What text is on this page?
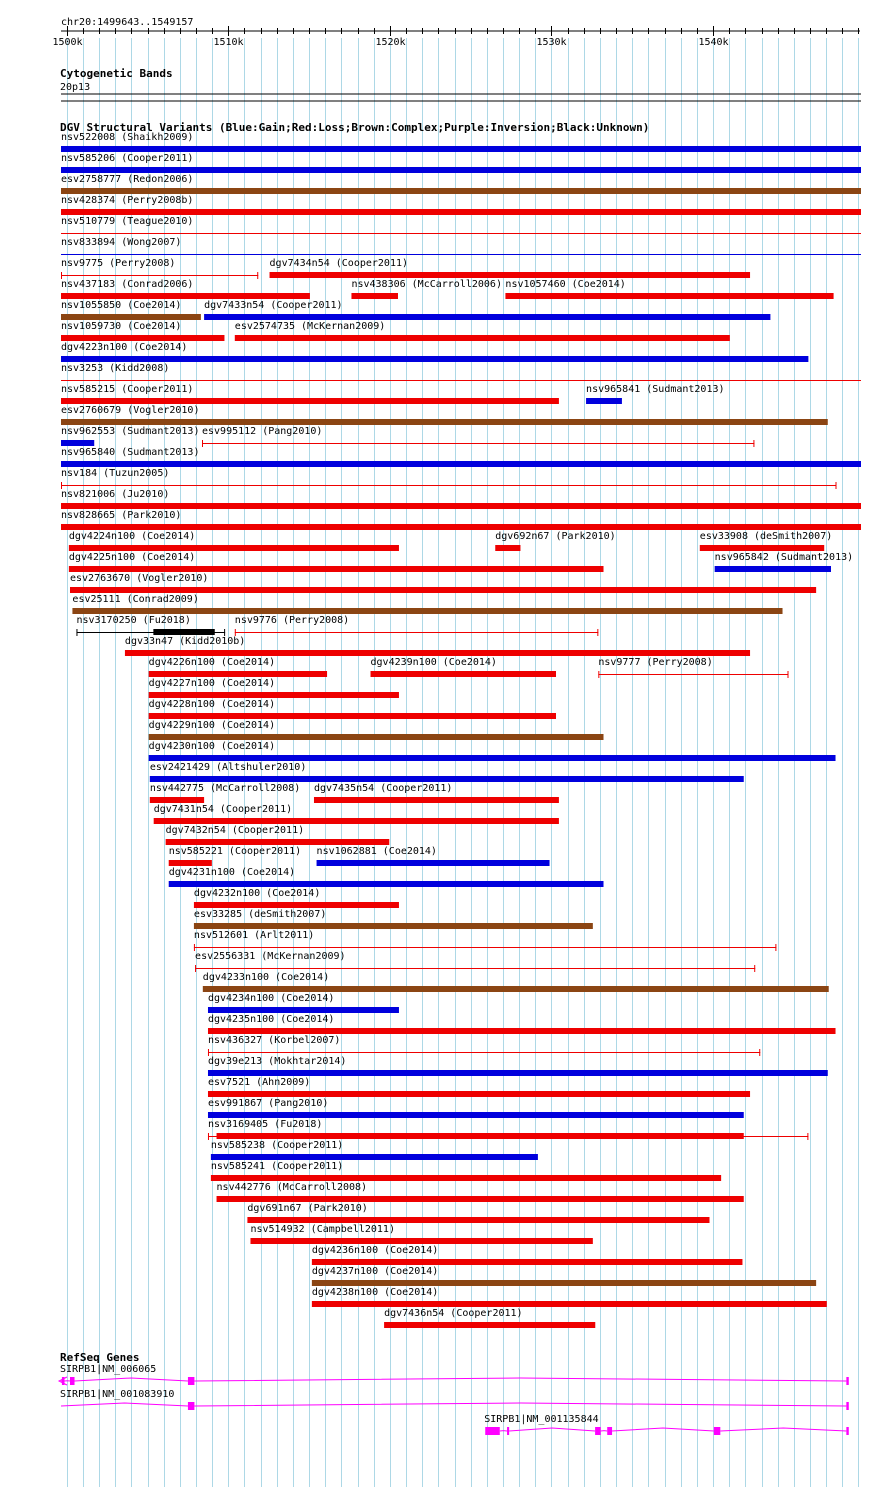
chr20:1499643..1549157
1500k	1510k	1520k	1530k	1540k
Cytogenetic Bands
20p13
DGV Structural Variants (Blue:Gain;Red:Loss;Brown:Complex;Purple:Inversion;Black:Unknown)
nsv522008 (Shaikh2009)
nsv585206 (Cooper2011)
esv2758777 (Redon2006)
nsv428374 (Perry2008b)
nsv510779 (Teague2010)
nsv833894 (Wong2007)
nsv9775 (Perry2008)	dgv7434n54 (Cooper2011)
nsv437183 (Conrad2006)	nsv438306 (McCarroll2006) nsv1057460 (Coe2014)
nsv1055850 (Coe2014) dgv7433n54 (Cooper2011)
nsv1059730 (Coe2014)	esv2574735 (McKernan2009)
dgv4223n100 (Coe2014)
nsv3253 (Kidd2008)
nsv585215 (Cooper2011)	nsv965841 (Sudmant2013)
esv2760679 (Vogler2010)
nsv962553 (Sudmant2013) esv995112 (Pang2010)
nsv965840 (Sudmant2013)
nsv184 (Tuzun2005)
nsv821006 (Ju2010)
nsv828665 (Park2010)
dgv4224n100 (Coe2014)	dgv692n67 (Park2010)	esv33908 (deSmith2007)
dgv4225n100 (Coe2014)	nsv965842 (Sudmant2013)
esv2763670 (Vogler2010)
esv25111 (Conrad2009)
nsv3170250 (Fu2018)	nsv9776 (Perry2008)
dgv33n47 (Kidd2010b)
dgv4226n100 (Coe2014)	dgv4239n100 (Coe2014)	nsv9777 (Perry2008)
dgv4227n100 (Coe2014)
dgv4228n100 (Coe2014)
dgv4229n100 (Coe2014)
dgv4230n100 (Coe2014)
esv2421429 (Altshuler2010)
nsv442775 (McCarroll2008) dgv7435n54 (Cooper2011)
dgv7431n54 (Cooper2011)
dgv7432n54 (Cooper2011)
nsv585221 (Cooper2011) nsv1062881 (Coe2014)
dgv4231n100 (Coe2014)
dgv4232n100 (Coe2014)
esv33285 (deSmith2007)
nsv512601 (Arlt2011)
esv2556331 (McKernan2009)
dgv4233n100 (Coe2014)
dgv4234n100 (Coe2014)
dgv4235n100 (Coe2014)
nsv436327 (Korbel2007)
dgv39e213 (Mokhtar2014)
esv7521 (Ahn2009)
esv991867 (Pang2010)
nsv3169405 (Fu2018)
nsv585238 (Cooper2011)
nsv585241 (Cooper2011)
nsv442776 (McCarroll2008)
dgv691n67 (Park2010)
nsv514932 (Campbell2011)
dgv4236n100 (Coe2014)
dgv4237n100 (Coe2014)
dgv4238n100 (Coe2014)
dgv7436n54 (Cooper2011)
RefSeq Genes
SIRPB1|NM_006065
SIRPB1|NM_001083910
SIRPB1|NM_001135844
